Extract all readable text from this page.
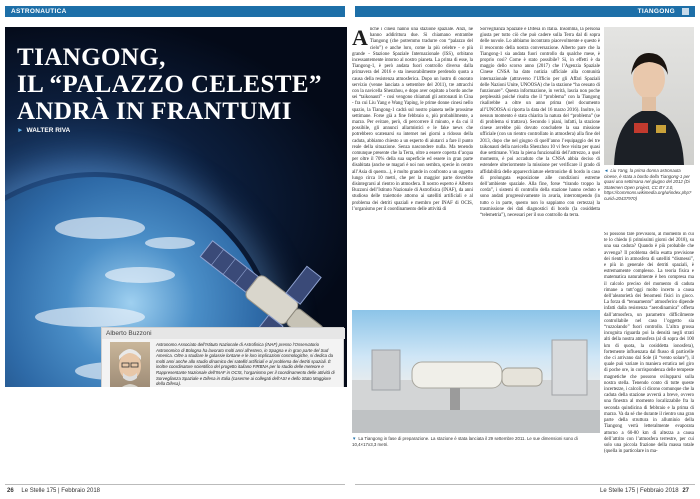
ASTRONAUTICA	TIANGONG
TIANGONG,
IL “PALAZZO CELESTE”
ANDRÀ IN FRANTUMI
► WALTER RIVA
Alberto Buzzoni
Astronomo Associato dell’Istituto Nazionale di Astrofisica (INAF) presso l’Osservatorio Astronomico di Bologna ha lavorato molti anni all’estero, in Spagna e in gran parte del Sud America. Oltre a studiare le galassie lontane e le loro implicazioni cosmologiche, si dedica da molti anni anche allo studio dinamico dei satelliti artificiali e al problema dei detriti spaziali. È inoltre coordinatore scientifico del progetto italiano FIRBNA per lo studio delle meteore e Rappresentante Nazionale dell’INAF in OCIS, l’organismo per il coordinamento delle attività di Sorveglianza Spaziale e Difesa in Italia (caserme ai collegati dell’ASI e dello Stato Maggiore della Difesa).
Anche i cinesi hanno una stazione spaziale. Anzi, ne hanno addirittura due. Si chiamano entrambe Tiangong (che potremmo tradurre con “palazzo del cielo”) e anche loro, come la più celebre - e più grande - Stazione Spaziale Internazionale (ISS), orbitano incessantemente intorno al nostro pianeta. La prima di esse, la Tiangong-1, è però andata fuori controllo diverso dalla primavera del 2016 e sta inesorabilmente perdendo quota a causa della resistenza atmosferica. Dopo un lustro di onorato servizio (venne lanciata a settembre del 2011), tre attracchi con la navicella Shenzhou, e dopo aver ospitato a bordo anche sei “taikonauti” - così vengono chiamati gli astronauti in Cina - fra cui Liu Yang e Wang Yaping, le prime donne cinesi nello spazio, la Tiangong-1 cadrà sul nostro pianeta nelle prossime settimane. Forse già a fine febbraio o, più probabilmente, a marzo. Per evitare, però, di percorrere il minuto, e da cui il possibile, gli annunci allarmistici e le fake news che potrebbero scatenarsi su internet nei giorni a ridosso della caduta, abbiamo chiesto a un esperto di aiutarci a fare il punto reale della situazione. Senza nascondere nulla. Ma tenendo comunque presente che la Terra, oltre a essere coperta d’acqua per oltre il 70% della sua superficie ed essere in gran parte disabitata (anche se magari è noi non sembra, specie in centro all’Asia di questo...), è molto grande in confronto a un oggetto lungo circa 10 metri, che per la maggior parte dovrebbe disintegrarsi al rientro in atmosfera. Il nostro esperto è Alberto Buzzoni dell’Istituto Nazionale di Astrofisica (INAF), da anni studioso delle traiettorie attorno ai satelliti artificiali e al problema dei detriti spaziali e membro per INAF di OCIS, l’organismo per il coordinamento delle attività di
Sorveglianza Spaziale e Difesa in Italia. Insomma, la persona giusta per tutto ciò che può cadere sulla Terra dal di sopra delle nuvole. Lo abbiamo incontrato piacevolmente e questo è il resoconto della nostra conversazione. Alberto pare che la Tiangong-1 sia andata fuori controllo da qualche mese, è proprio così? Come è stato possibile? Sì, in effetti è da maggio dello scorso anno (2017) che l’Agenzia Spaziale Cinese CNSA ha dato notizia ufficiale alla comunità internazionale (attraverso l’Ufficio per gli Affari Spaziali delle Nazioni Unite, UNOOSA) che la stazione “ha cessato di funzionare”. Questa informazione, in verità, lascia non poche perplessità poiché risulta che il “problema” con la Tiangong risalirebbe a oltre un anno prima (nel documento all’UNOOSA si riporta la data del 16 marzo 2016). Inoltre, io nessun momento è stata chiarita la natura del “problema” (se di problema si trattava). Secondo i piani, infatti, la stazione cinese avrebbe più dovuto concludere la sua missione ufficiale (con un rientro controllato in atmosfera) alla fine del 2013, dopo che nel giugno di quell’anno l’equipaggio dei tre taikonauti della navicella Shenzhou 10 vi fece visita per quasi due settimane. Vista la piena funzionalità dell’attrezzo, a quel momento, è poi accaduto che la CNSA abbia deciso di estendere ulteriormente la missione per verificare il grado di affidabilità delle apparecchiature elettroniche di bordo in caso di prolungata esposizione alle condizioni estreme dell’ambiente spaziale. Alla fine, forse “tirando troppo la corda”, i sistemi di controllo della stazione hanno ceduto e sono andati progressivamente in avaria, interrompendo (in tutto o in parte, questo non lo sappiamo con certezza) la trasmissione dei dati diagnostici di bordo (la cosiddetta “telemetria”), necessari per il suo controllo da terra.
▼ La Tiangong in fase di preparazione. La stazione è stata lanciata il 29 settembre 2011. Le sue dimensioni sono di 10,4×17x3,3 metri.
◄ Liu Yang, la prima donna astronauta cinese, è stata a bordo della Tiangong-1 per quasi una settimana nel giugno del 2012 (Di Statemen Open project, CC BY 3.0, https://commons.wikimedia.org/w/index.php?curid=20437970)
Si possono fare previsioni, al momento in cui te lo chiedo (i primissimi giorni del 2018), su una sua caduta? Quando è più probabile che avvenga? Il problema della esatta previsione dei rientri in atmosfera di satelliti “dismessi”, e più in generale dei detriti spaziali, è estremamente complesso. La teoria fisica e matematica naturalmente è ben compresa ma il calcolo preciso del momento di caduta rimane a tutt’oggi molto incerto a causa dell’aleatorietà dei fenomeni fisici in gioco. La forza di “tenuamento” atmosferico dipende infatti dalla resistenza “aerodinamica” offerta dall’atmosfera, un parametro difficilmente controllabile nel caso l’oggetto sia “ruzzolando” fuori controllo. L’altra grossa incognita riguarda poi la densità negli strati alti della nostra atmosfera (al di sopra dei 100 km di quota, la cosiddetta ionosfera), fortemente influenzata dal flusso di particelle che ci arrivano dal Sole (il “vento solare”), il quale può variare in maniera erratica nel giro di poche ore, in corrispondenza delle tempeste magnetiche che possono svilupparsi sulla nostra stella. Tenendo conto di tutte queste incertezze, i calcoli ci dicono comunque che la caduta della stazione avverrà a breve, ovvero una finestra al momento localizzabile fra la seconda quindicina di febbraio e la prima di marzo. Va da sé che durante il rientro una gran parte della struttura in alluminio della Tiangong verrà letteralmente evaporata attorno a 60-80 km di altezza a causa dell’attrito con l’atmosfera terrestre, per cui solo una piccola frazione della massa totale (quella in particolare in ma-
26 Le Stelle 175 | Febbraio 2018	Le Stelle 175 | Febbraio 2018 27
